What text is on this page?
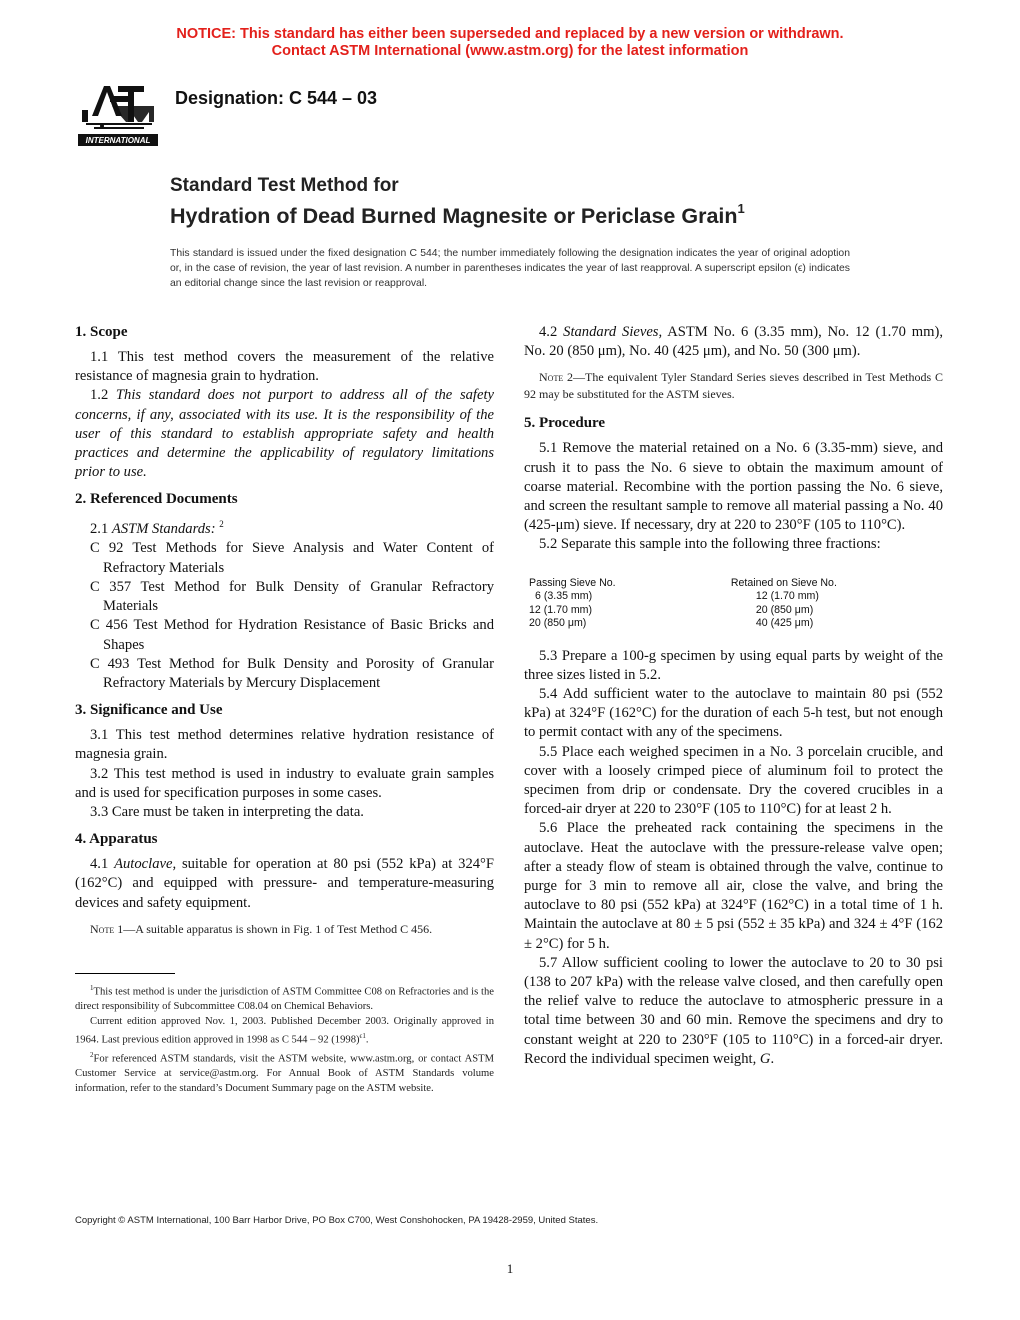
NOTICE: This standard has either been superseded and replaced by a new version or withdrawn.
Contact ASTM International (www.astm.org) for the latest information
INTERNATIONAL
Designation: C 544 – 03
Standard Test Method for
Hydration of Dead Burned Magnesite or Periclase Grain$^1$
This standard is issued under the fixed designation C 544; the number immediately following the designation indicates the year of original adoption or, in the case of revision, the year of last revision. A number in parentheses indicates the year of last reapproval. A superscript epsilon (ϵ) indicates an editorial change since the last revision or reapproval.
1. Scope

1.1 This test method covers the measurement of the relative resistance of magnesia grain to hydration.

1.2 This standard does not purport to address all of the safety concerns, if any, associated with its use. It is the responsibility of the user of this standard to establish appropriate safety and health practices and determine the applicability of regulatory limitations prior to use.

2. Referenced Documents

2.1 ASTM Standards: $^2$

C 92 Test Methods for Sieve Analysis and Water Content of Refractory Materials
C 357 Test Method for Bulk Density of Granular Refractory Materials
C 456 Test Method for Hydration Resistance of Basic Bricks and Shapes
C 493 Test Method for Bulk Density and Porosity of Granular Refractory Materials by Mercury Displacement
3. Significance and Use

3.1 This test method determines relative hydration resistance of magnesia grain.

3.2 This test method is used in industry to evaluate grain samples and is used for specification purposes in some cases.

3.3 Care must be taken in interpreting the data.

4. Apparatus

4.1 Autoclave, suitable for operation at 80 psi (552 kPa) at 324°F (162°C) and equipped with pressure- and temperature-measuring devices and safety equipment.

Note 1—A suitable apparatus is shown in Fig. 1 of Test Method C 456.

$^1$This test method is under the jurisdiction of ASTM Committee C08 on Refractories and is the direct responsibility of Subcommittee C08.04 on Chemical Behaviors.

Current edition approved Nov. 1, 2003. Published December 2003. Originally approved in 1964. Last previous edition approved in 1998 as C 544 – 92 $(1998)^{\epsilon 1}$.

$^2$For referenced ASTM standards, visit the ASTM website, www.astm.org, or contact ASTM Customer Service at service@astm.org. For Annual Book of ASTM Standards volume information, refer to the standard’s Document Summary page on the ASTM website.

4.2 Standard Sieves, ASTM No. 6 (3.35 mm), No. 12 (1.70 mm), No. 20 (850 μm), No. 40 (425 μm), and No. 50 (300 μm).

Note 2—The equivalent Tyler Standard Series sieves described in Test Methods C 92 may be substituted for the ASTM sieves.

5. Procedure

5.1 Remove the material retained on a No. 6 (3.35-mm) sieve, and crush it to pass the No. 6 sieve to obtain the maximum amount of coarse material. Recombine with the portion passing the No. 6 sieve, and screen the resultant sample to remove all material passing a No. 40 (425-μm) sieve. If necessary, dry at 220 to 230°F (105 to 110°C).

5.2 Separate this sample into the following three fractions:

Passing Sieve No.	Retained on Sieve No.
6 (3.35 mm)	12 (1.70 mm)
12 (1.70 mm)	20 (850 μm)
20 (850 μm)	40 (425 μm)

5.3 Prepare a 100-g specimen by using equal parts by weight of the three sizes listed in 5.2.

5.4 Add sufficient water to the autoclave to maintain 80 psi (552 kPa) at 324°F (162°C) for the duration of each 5-h test, but not enough to permit contact with any of the specimens.

5.5 Place each weighed specimen in a No. 3 porcelain crucible, and cover with a loosely crimped piece of aluminum foil to protect the specimen from drip or condensate. Dry the covered crucibles in a forced-air dryer at 220 to 230°F (105 to 110°C) for at least 2 h.

5.6 Place the preheated rack containing the specimens in the autoclave. Heat the autoclave with the pressure-release valve open; after a steady flow of steam is obtained through the valve, continue to purge for 3 min to remove all air, close the valve, and bring the autoclave to 80 psi (552 kPa) at 324°F (162°C) in a total time of 1 h. Maintain the autoclave at 80 ± 5 psi (552 ± 35 kPa) and 324 ± 4°F (162 ± 2°C) for 5 h.

5.7 Allow sufficient cooling to lower the autoclave to 20 to 30 psi (138 to 207 kPa) with the release valve closed, and then carefully open the relief valve to reduce the autoclave to atmospheric pressure in a total time between 30 and 60 min. Remove the specimens and dry to constant weight at 220 to 230°F (105 to 110°C) in a forced-air dryer. Record the individual specimen weight, G.

Copyright © ASTM International, 100 Barr Harbor Drive, PO Box C700, West Conshohocken, PA 19428-2959, United States.
1
